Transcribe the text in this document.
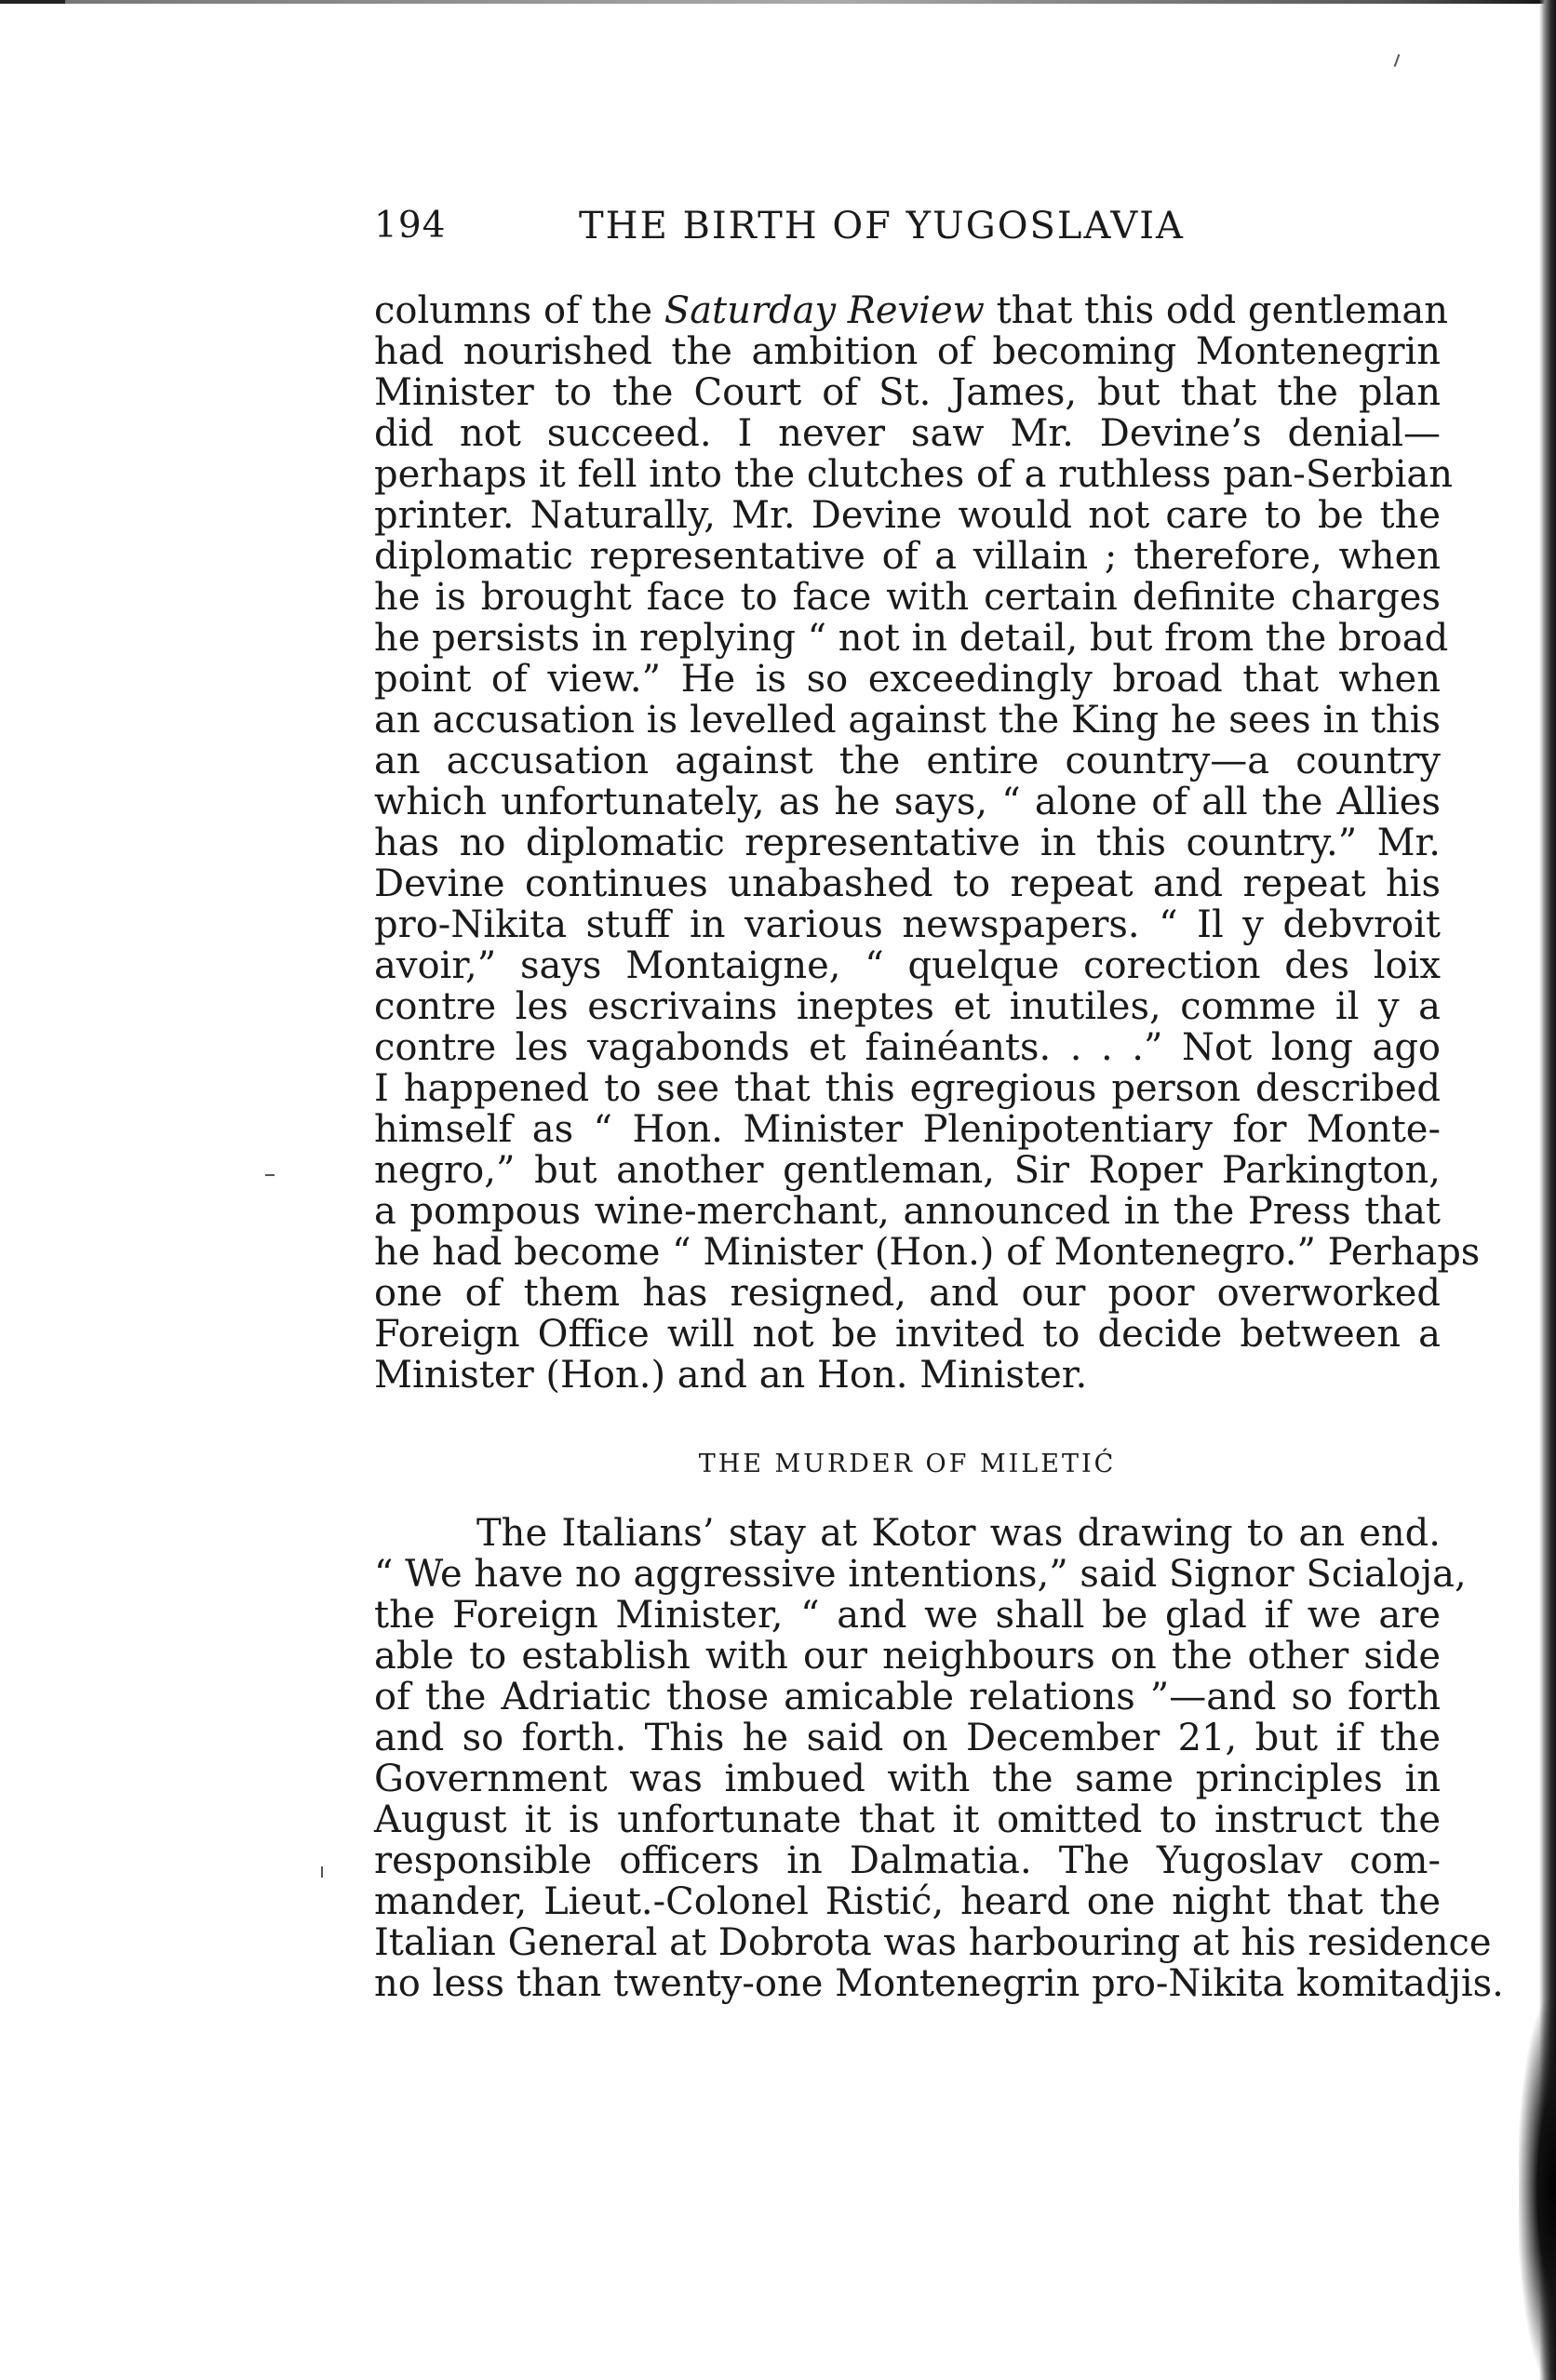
194	THE BIRTH OF YUGOSLAVIA
columns of the Saturday Review that this odd gentleman
had nourished the ambition of becoming Montenegrin
Minister to the Court of St. James, but that the plan
did not succeed. I never saw Mr. Devine’s denial—
perhaps it fell into the clutches of a ruthless pan-Serbian
printer. Naturally, Mr. Devine would not care to be the
diplomatic representative of a villain ; therefore, when
he is brought face to face with certain definite charges
he persists in replying “ not in detail, but from the broad
point of view.” He is so exceedingly broad that when
an accusation is levelled against the King he sees in this
an accusation against the entire country—a country
which unfortunately, as he says, “ alone of all the Allies
has no diplomatic representative in this country.” Mr.
Devine continues unabashed to repeat and repeat his
pro-Nikita stuff in various newspapers. “ Il y debvroit
avoir,” says Montaigne, “ quelque corection des loix
contre les escrivains ineptes et inutiles, comme il y a
contre les vagabonds et fainéants. . . .” Not long ago
I happened to see that this egregious person described
himself as “ Hon. Minister Plenipotentiary for Monte-
negro,” but another gentleman, Sir Roper Parkington,
a pompous wine-merchant, announced in the Press that
he had become “ Minister (Hon.) of Montenegro.” Perhaps
one of them has resigned, and our poor overworked
Foreign Office will not be invited to decide between a
Minister (Hon.) and an Hon. Minister.
THE MURDER OF MILETIĆ
The Italians’ stay at Kotor was drawing to an end.
“ We have no aggressive intentions,” said Signor Scialoja,
the Foreign Minister, “ and we shall be glad if we are
able to establish with our neighbours on the other side
of the Adriatic those amicable relations ”—and so forth
and so forth. This he said on December 21, but if the
Government was imbued with the same principles in
August it is unfortunate that it omitted to instruct the
responsible officers in Dalmatia. The Yugoslav com-
mander, Lieut.-Colonel Ristić, heard one night that the
Italian General at Dobrota was harbouring at his residence
no less than twenty-one Montenegrin pro-Nikita komitadjis.
